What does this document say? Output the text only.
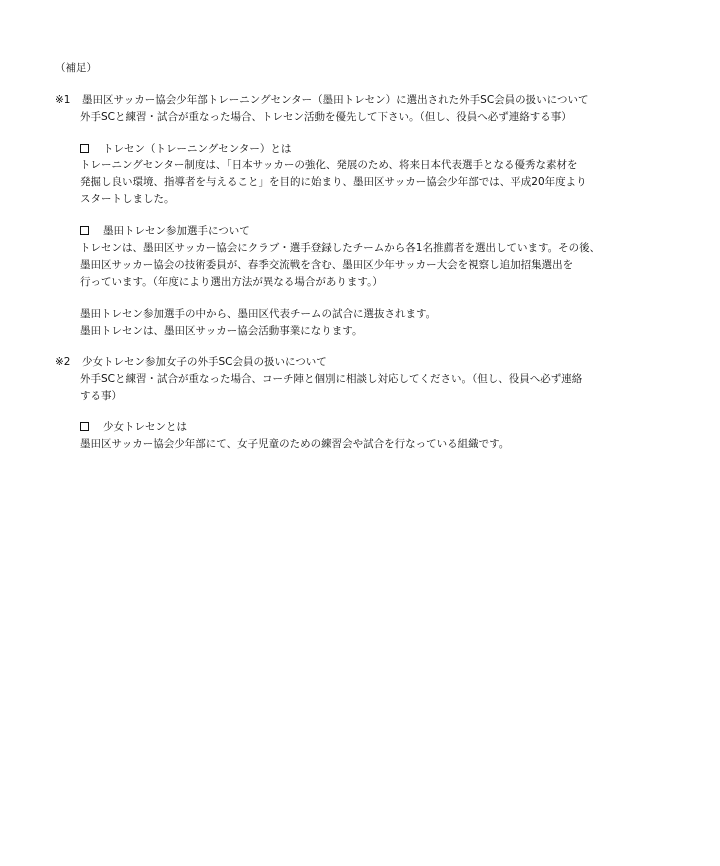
（補足）
※1 墨田区サッカー協会少年部トレーニングセンター（墨田トレセン）に選出された外手SC会員の扱いについて
外手SCと練習・試合が重なった場合、トレセン活動を優先して下さい。（但し、役員へ必ず連絡する事）
トレセン（トレーニングセンター）とは
トレーニングセンター制度は、「日本サッカーの強化、発展のため、将来日本代表選手となる優秀な素材を
発掘し良い環境、指導者を与えること」を目的に始まり、墨田区サッカー協会少年部では、平成20年度より
スタートしました。
墨田トレセン参加選手について
トレセンは、墨田区サッカー協会にクラブ・選手登録したチームから各1名推薦者を選出しています。その後、
墨田区サッカー協会の技術委員が、春季交流戦を含む、墨田区少年サッカー大会を視察し追加招集選出を
行っています。（年度により選出方法が異なる場合があります。）
墨田トレセン参加選手の中から、墨田区代表チームの試合に選抜されます。
墨田トレセンは、墨田区サッカー協会活動事業になります。
※2 少女トレセン参加女子の外手SC会員の扱いについて
外手SCと練習・試合が重なった場合、コーチ陣と個別に相談し対応してください。（但し、役員へ必ず連絡
する事）
少女トレセンとは
墨田区サッカー協会少年部にて、女子児童のための練習会や試合を行なっている組織です。
